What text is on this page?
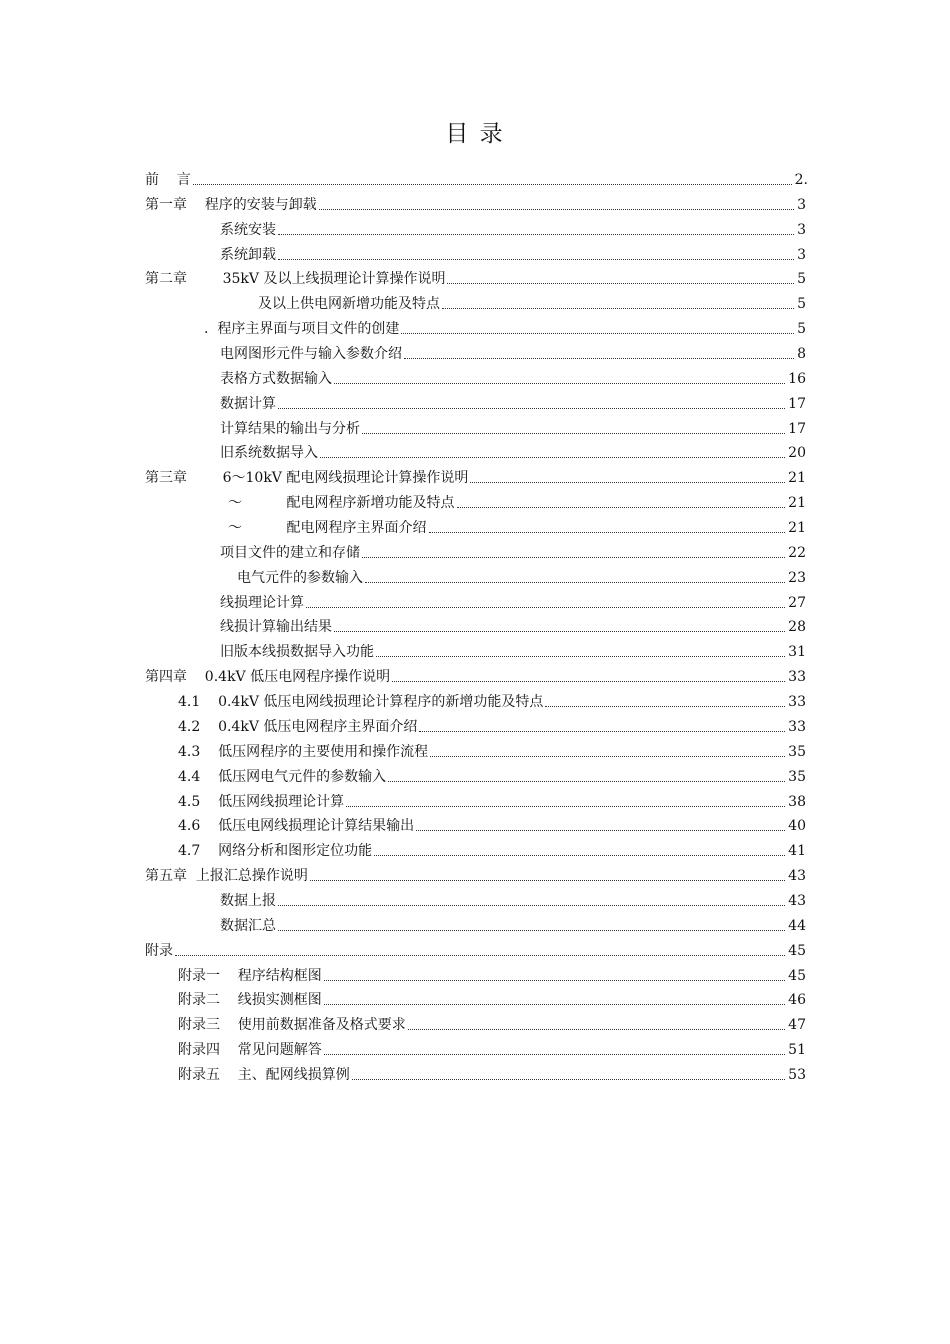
目 录
前    言	2.
第一章    程序的安装与卸载	3
系统安装	3
系统卸载	3
第二章        35kV 及以上线损理论计算操作说明	5
及以上供电网新增功能及特点	5
.  程序主界面与项目文件的创建	5
电网图形元件与输入参数介绍	8
表格方式数据输入	16
数据计算	17
计算结果的输出与分析	17
旧系统数据导入	20
第三章        6～10kV 配电网线损理论计算操作说明	21
～          配电网程序新增功能及特点	21
～          配电网程序主界面介绍	21
项目文件的建立和存储	22
电气元件的参数输入	23
线损理论计算	27
线损计算输出结果	28
旧版本线损数据导入功能	31
第四章    0.4kV 低压电网程序操作说明	33
4.1    0.4kV 低压电网线损理论计算程序的新增功能及特点	33
4.2    0.4kV 低压电网程序主界面介绍	33
4.3    低压网程序的主要使用和操作流程	35
4.4    低压网电气元件的参数输入	35
4.5    低压网线损理论计算	38
4.6    低压电网线损理论计算结果输出	40
4.7    网络分析和图形定位功能	41
第五章  上报汇总操作说明	43
数据上报	43
数据汇总	44
附录	45
附录一    程序结构框图	45
附录二    线损实测框图	46
附录三    使用前数据准备及格式要求	47
附录四    常见问题解答	51
附录五    主、配网线损算例	53
